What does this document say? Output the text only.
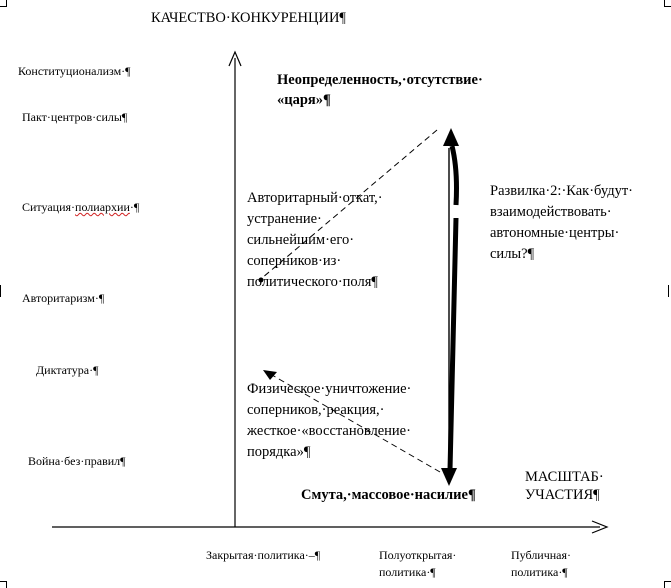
КАЧЕСТВО·КОНКУРЕНЦИИ¶
МАСШТАБ·
УЧАСТИЯ¶
Конституционализм·¶
Пакт·центров·силы¶
Ситуация·полиархии·¶
Авторитаризм·¶
Диктатура·¶
Война·без·правил¶
Закрытая·политика·–¶	Полуоткрытая·
политика·¶
Публичная·
политика·¶
Неопределенность,·отсутствие·
«царя»¶
Смута,·массовое·насилие¶
Авторитарный·откат,·
устранение·
сильнейшим·его·
соперников·из·
политического·поля¶
Физическое·уничтожение·
соперников,·реакция,·
жесткое·«восстановление·
порядка»¶
Развилка·2:·Как·будут·
взаимодействовать·
автономные·центры·
силы?¶
